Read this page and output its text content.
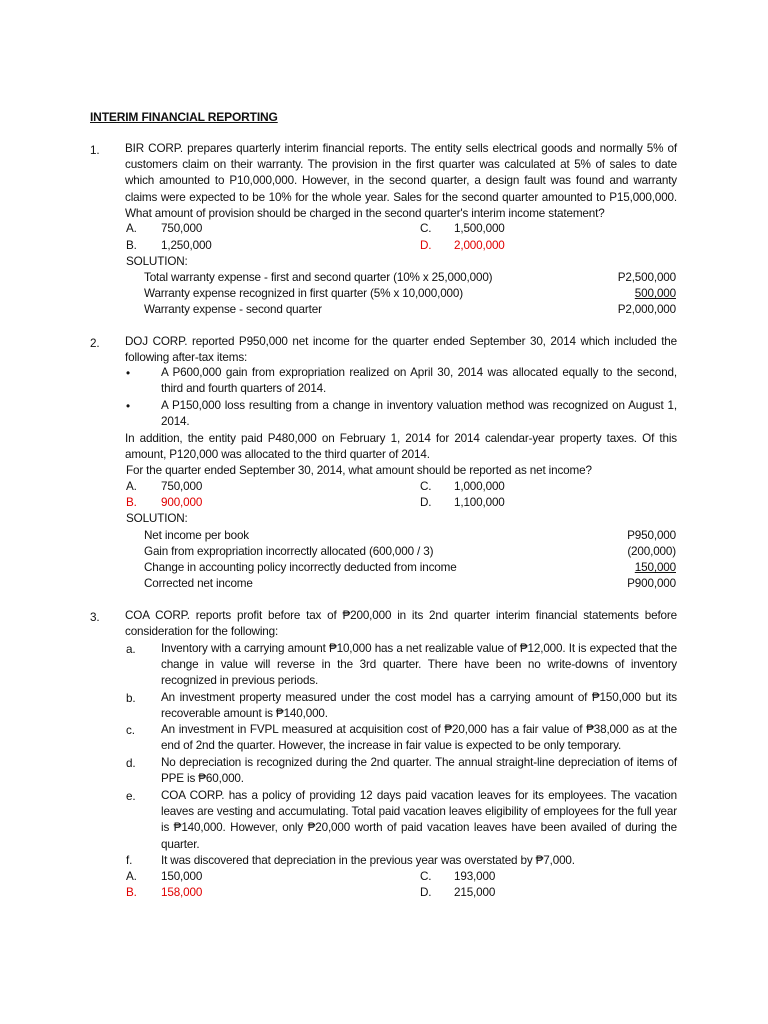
INTERIM FINANCIAL REPORTING
1. BIR CORP. prepares quarterly interim financial reports. The entity sells electrical goods and normally 5% of customers claim on their warranty. The provision in the first quarter was calculated at 5% of sales to date which amounted to P10,000,000. However, in the second quarter, a design fault was found and warranty claims were expected to be 10% for the whole year. Sales for the second quarter amounted to P15,000,000. What amount of provision should be charged in the second quarter's interim income statement?
A. 750,000	C. 1,500,000
B. 1,250,000	D. 2,000,000
SOLUTION:
Total warranty expense - first and second quarter (10% x 25,000,000)	P2,500,000
Warranty expense recognized in first quarter (5% x 10,000,000)	500,000
Warranty expense - second quarter	P2,000,000
2. DOJ CORP. reported P950,000 net income for the quarter ended September 30, 2014 which included the following after-tax items:
•	A P600,000 gain from expropriation realized on April 30, 2014 was allocated equally to the second, third and fourth quarters of 2014.
•	A P150,000 loss resulting from a change in inventory valuation method was recognized on August 1, 2014.
In addition, the entity paid P480,000 on February 1, 2014 for 2014 calendar-year property taxes. Of this amount, P120,000 was allocated to the third quarter of 2014.
For the quarter ended September 30, 2014, what amount should be reported as net income?
A. 750,000	C. 1,000,000
B. 900,000	D. 1,100,000
SOLUTION:
Net income per book	P950,000
Gain from expropriation incorrectly allocated (600,000 / 3)	(200,000)
Change in accounting policy incorrectly deducted from income	150,000
Corrected net income	P900,000
3. COA CORP. reports profit before tax of ₱200,000 in its 2nd quarter interim financial statements before consideration for the following:
a. Inventory with a carrying amount ₱10,000 has a net realizable value of ₱12,000. It is expected that the change in value will reverse in the 3rd quarter. There have been no write-downs of inventory recognized in previous periods.
b. An investment property measured under the cost model has a carrying amount of ₱150,000 but its recoverable amount is ₱140,000.
c. An investment in FVPL measured at acquisition cost of ₱20,000 has a fair value of ₱38,000 as at the end of 2nd the quarter. However, the increase in fair value is expected to be only temporary.
d. No depreciation is recognized during the 2nd quarter. The annual straight-line depreciation of items of PPE is ₱60,000.
e. COA CORP. has a policy of providing 12 days paid vacation leaves for its employees. The vacation leaves are vesting and accumulating. Total paid vacation leaves eligibility of employees for the full year is ₱140,000. However, only ₱20,000 worth of paid vacation leaves have been availed of during the quarter.
f. It was discovered that depreciation in the previous year was overstated by ₱7,000.
A. 150,000	C. 193,000
B. 158,000	D. 215,000
